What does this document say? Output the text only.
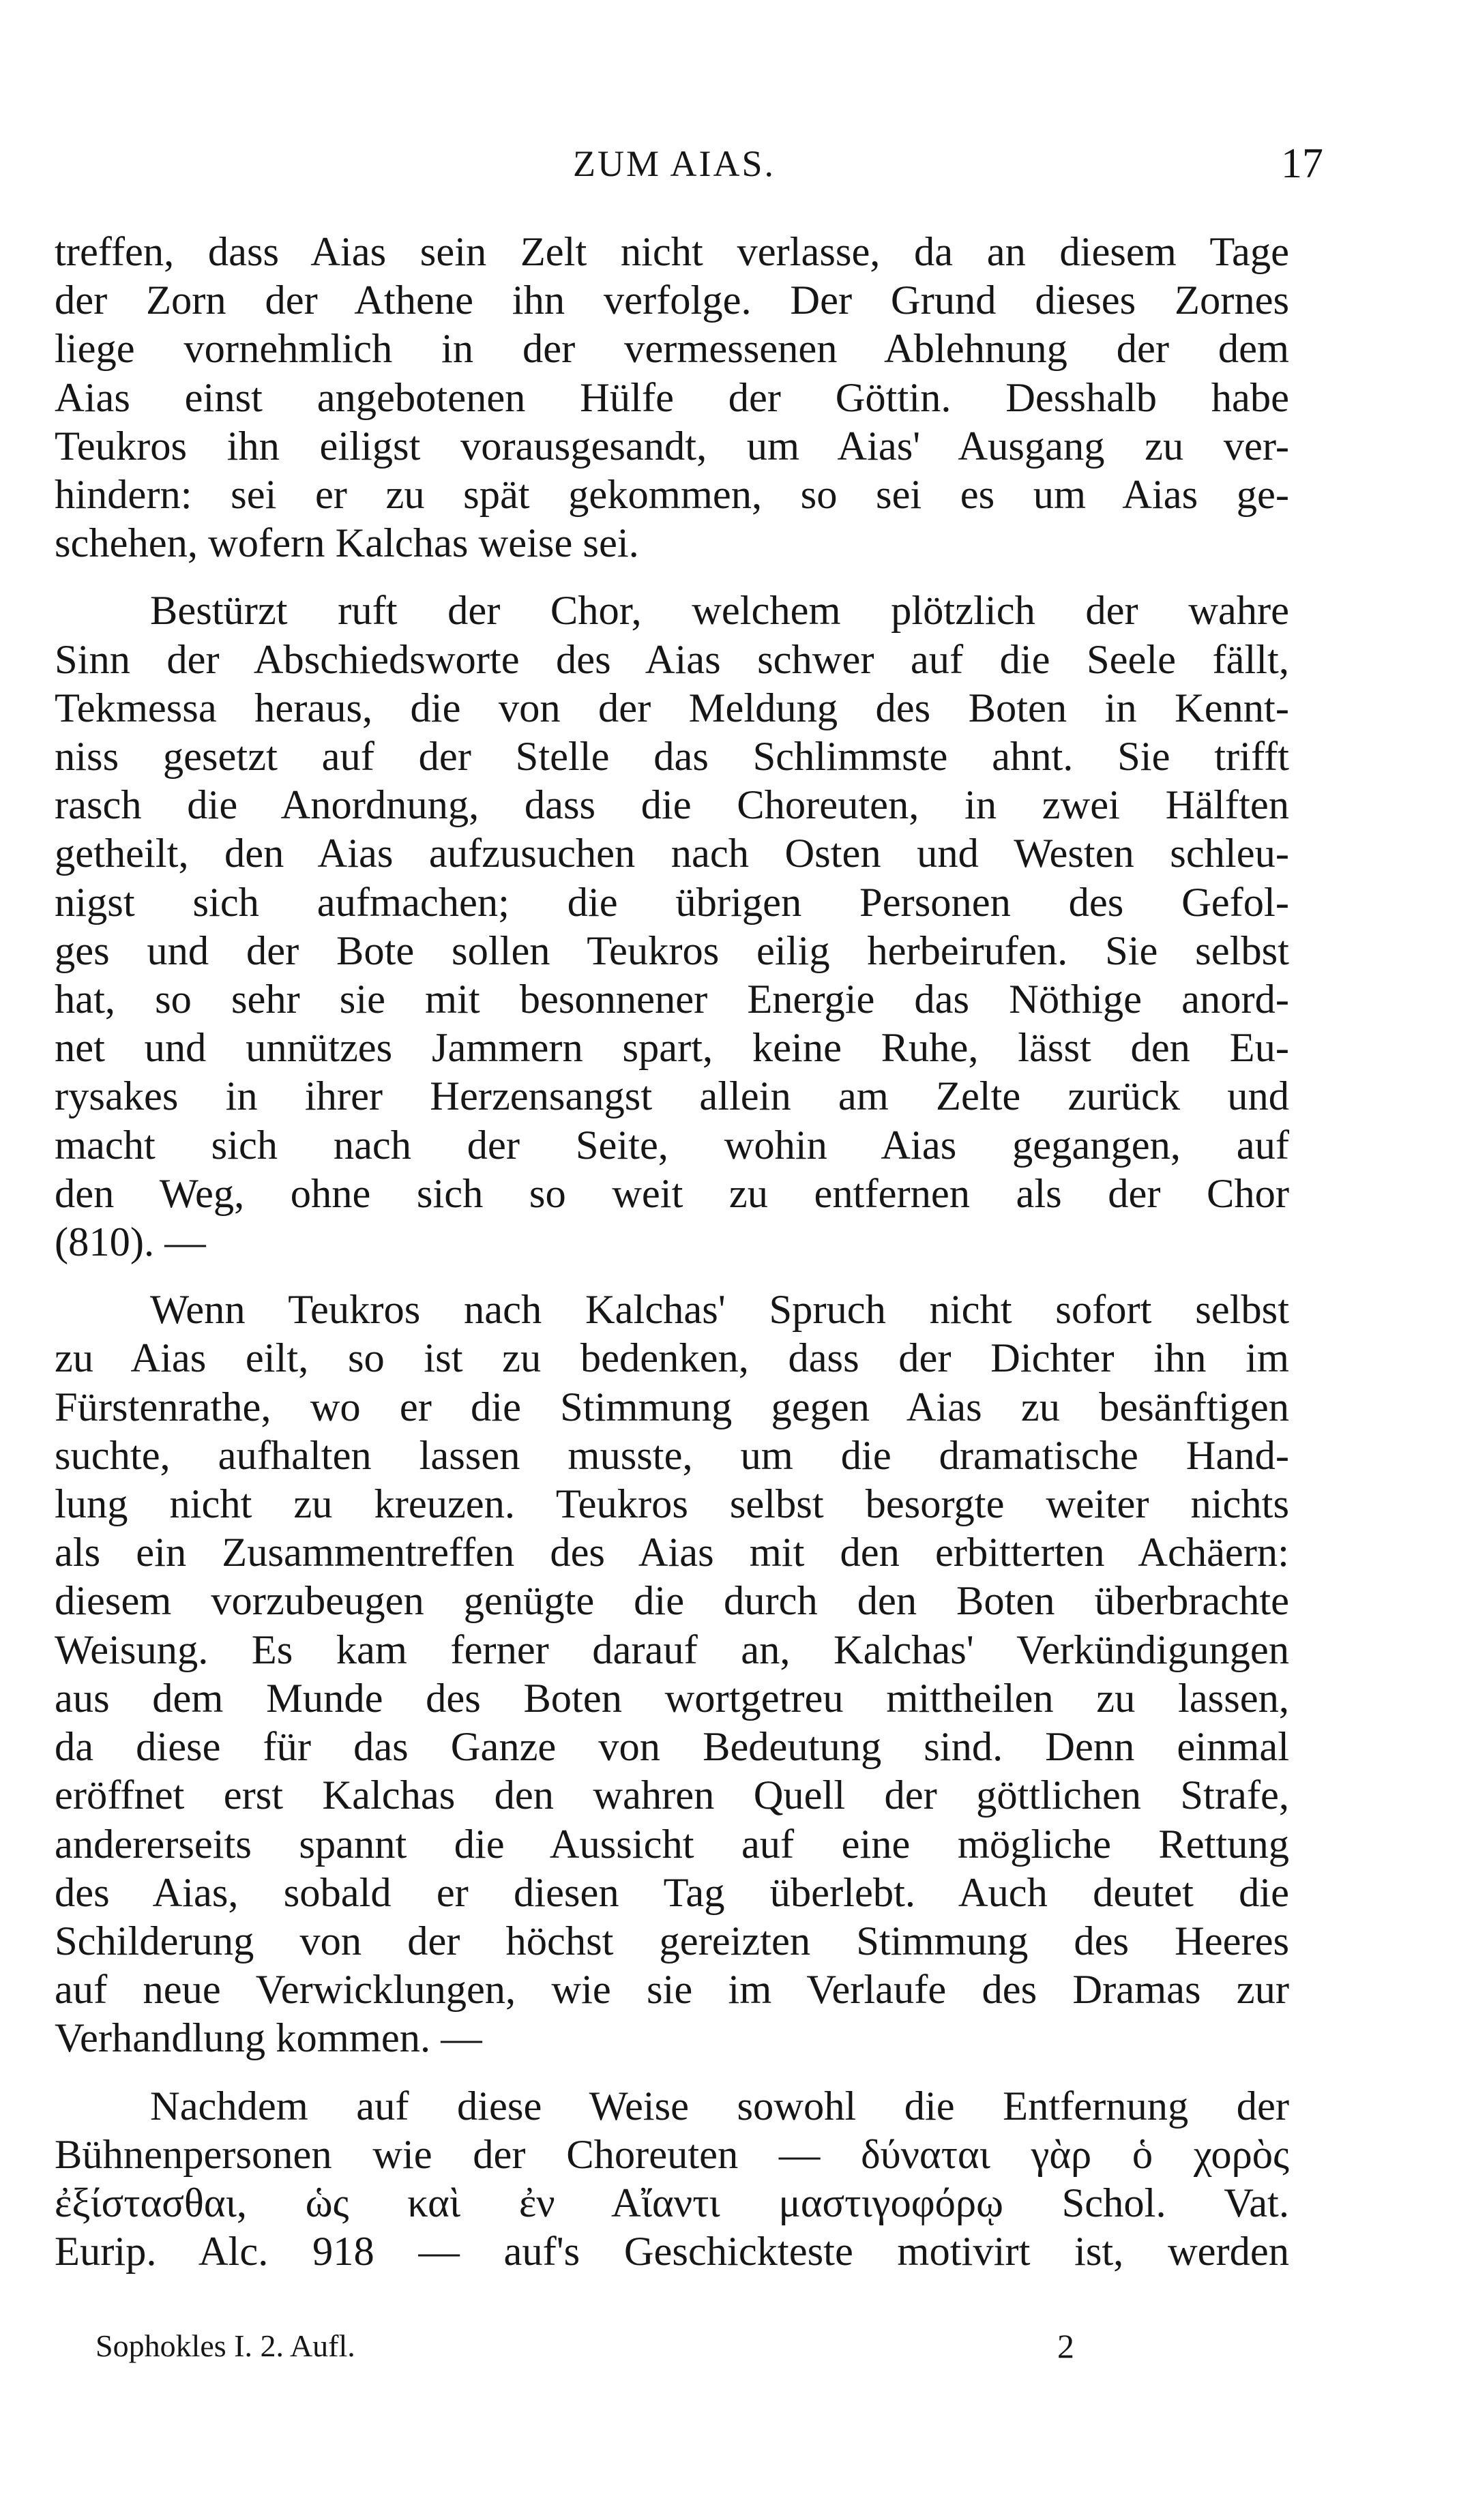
ZUM AIAS.	17

treffen, dass Aias sein Zelt nicht verlasse, da an diesem Tage
der Zorn der Athene ihn verfolge. Der Grund dieses Zornes
liege vornehmlich in der vermessenen Ablehnung der dem
Aias einst angebotenen Hülfe der Göttin. Desshalb habe
Teukros ihn eiligst vorausgesandt, um Aias' Ausgang zu ver-
hindern: sei er zu spät gekommen, so sei es um Aias ge-
schehen, wofern Kalchas weise sei.

Bestürzt ruft der Chor, welchem plötzlich der wahre
Sinn der Abschiedsworte des Aias schwer auf die Seele fällt,
Tekmessa heraus, die von der Meldung des Boten in Kennt-
niss gesetzt auf der Stelle das Schlimmste ahnt. Sie trifft
rasch die Anordnung, dass die Choreuten, in zwei Hälften
getheilt, den Aias aufzusuchen nach Osten und Westen schleu-
nigst sich aufmachen; die übrigen Personen des Gefol-
ges und der Bote sollen Teukros eilig herbeirufen. Sie selbst
hat, so sehr sie mit besonnener Energie das Nöthige anord-
net und unnützes Jammern spart, keine Ruhe, lässt den Eu-
rysakes in ihrer Herzensangst allein am Zelte zurück und
macht sich nach der Seite, wohin Aias gegangen, auf
den Weg, ohne sich so weit zu entfernen als der Chor
(810). —

Wenn Teukros nach Kalchas' Spruch nicht sofort selbst
zu Aias eilt, so ist zu bedenken, dass der Dichter ihn im
Fürstenrathe, wo er die Stimmung gegen Aias zu besänftigen
suchte, aufhalten lassen musste, um die dramatische Hand-
lung nicht zu kreuzen. Teukros selbst besorgte weiter nichts
als ein Zusammentreffen des Aias mit den erbitterten Achäern:
diesem vorzubeugen genügte die durch den Boten überbrachte
Weisung. Es kam ferner darauf an, Kalchas' Verkündigungen
aus dem Munde des Boten wortgetreu mittheilen zu lassen,
da diese für das Ganze von Bedeutung sind. Denn einmal
eröffnet erst Kalchas den wahren Quell der göttlichen Strafe,
andererseits spannt die Aussicht auf eine mögliche Rettung
des Aias, sobald er diesen Tag überlebt. Auch deutet die
Schilderung von der höchst gereizten Stimmung des Heeres
auf neue Verwicklungen, wie sie im Verlaufe des Dramas zur
Verhandlung kommen. —

Nachdem auf diese Weise sowohl die Entfernung der
Bühnenpersonen wie der Choreuten — δύναται γὰρ ὁ χορὸς
ἐξίστασθαι, ὡς καὶ ἐν Αἴαντι μαστιγοφόρῳ Schol. Vat.
Eurip. Alc. 918 — auf's Geschickteste motivirt ist, werden

Sophokles I. 2. Aufl.	2
